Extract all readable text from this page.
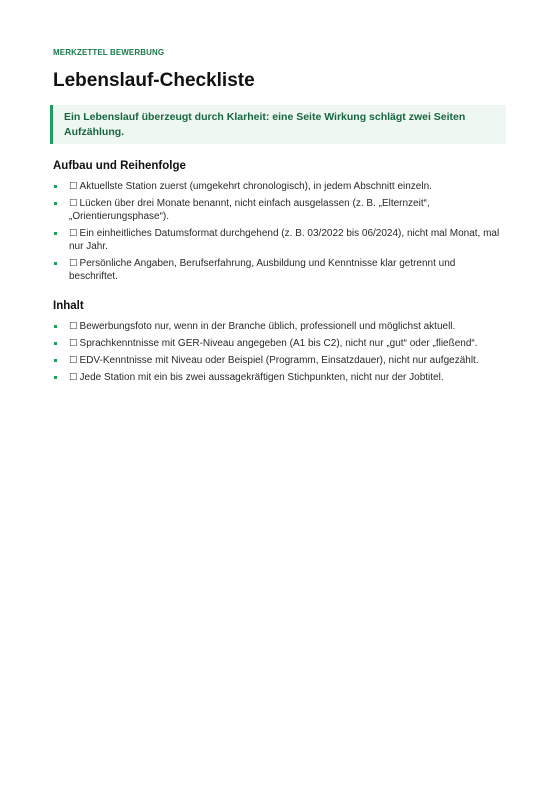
MERKZETTEL BEWERBUNG
Lebenslauf-Checkliste
Ein Lebenslauf überzeugt durch Klarheit: eine Seite Wirkung schlägt zwei Seiten Aufzählung.
Aufbau und Reihenfolge
☐ Aktuellste Station zuerst (umgekehrt chronologisch), in jedem Abschnitt einzeln.
☐ Lücken über drei Monate benannt, nicht einfach ausgelassen (z. B. „Elternzeit“, „Orientierungsphase“).
☐ Ein einheitliches Datumsformat durchgehend (z. B. 03/2022 bis 06/2024), nicht mal Monat, mal nur Jahr.
☐ Persönliche Angaben, Berufserfahrung, Ausbildung und Kenntnisse klar getrennt und beschriftet.
Inhalt
☐ Bewerbungsfoto nur, wenn in der Branche üblich, professionell und möglichst aktuell.
☐ Sprachkenntnisse mit GER-Niveau angegeben (A1 bis C2), nicht nur „gut“ oder „fließend“.
☐ EDV-Kenntnisse mit Niveau oder Beispiel (Programm, Einsatzdauer), nicht nur aufgezählt.
☐ Jede Station mit ein bis zwei aussagekräftigen Stichpunkten, nicht nur der Jobtitel.
